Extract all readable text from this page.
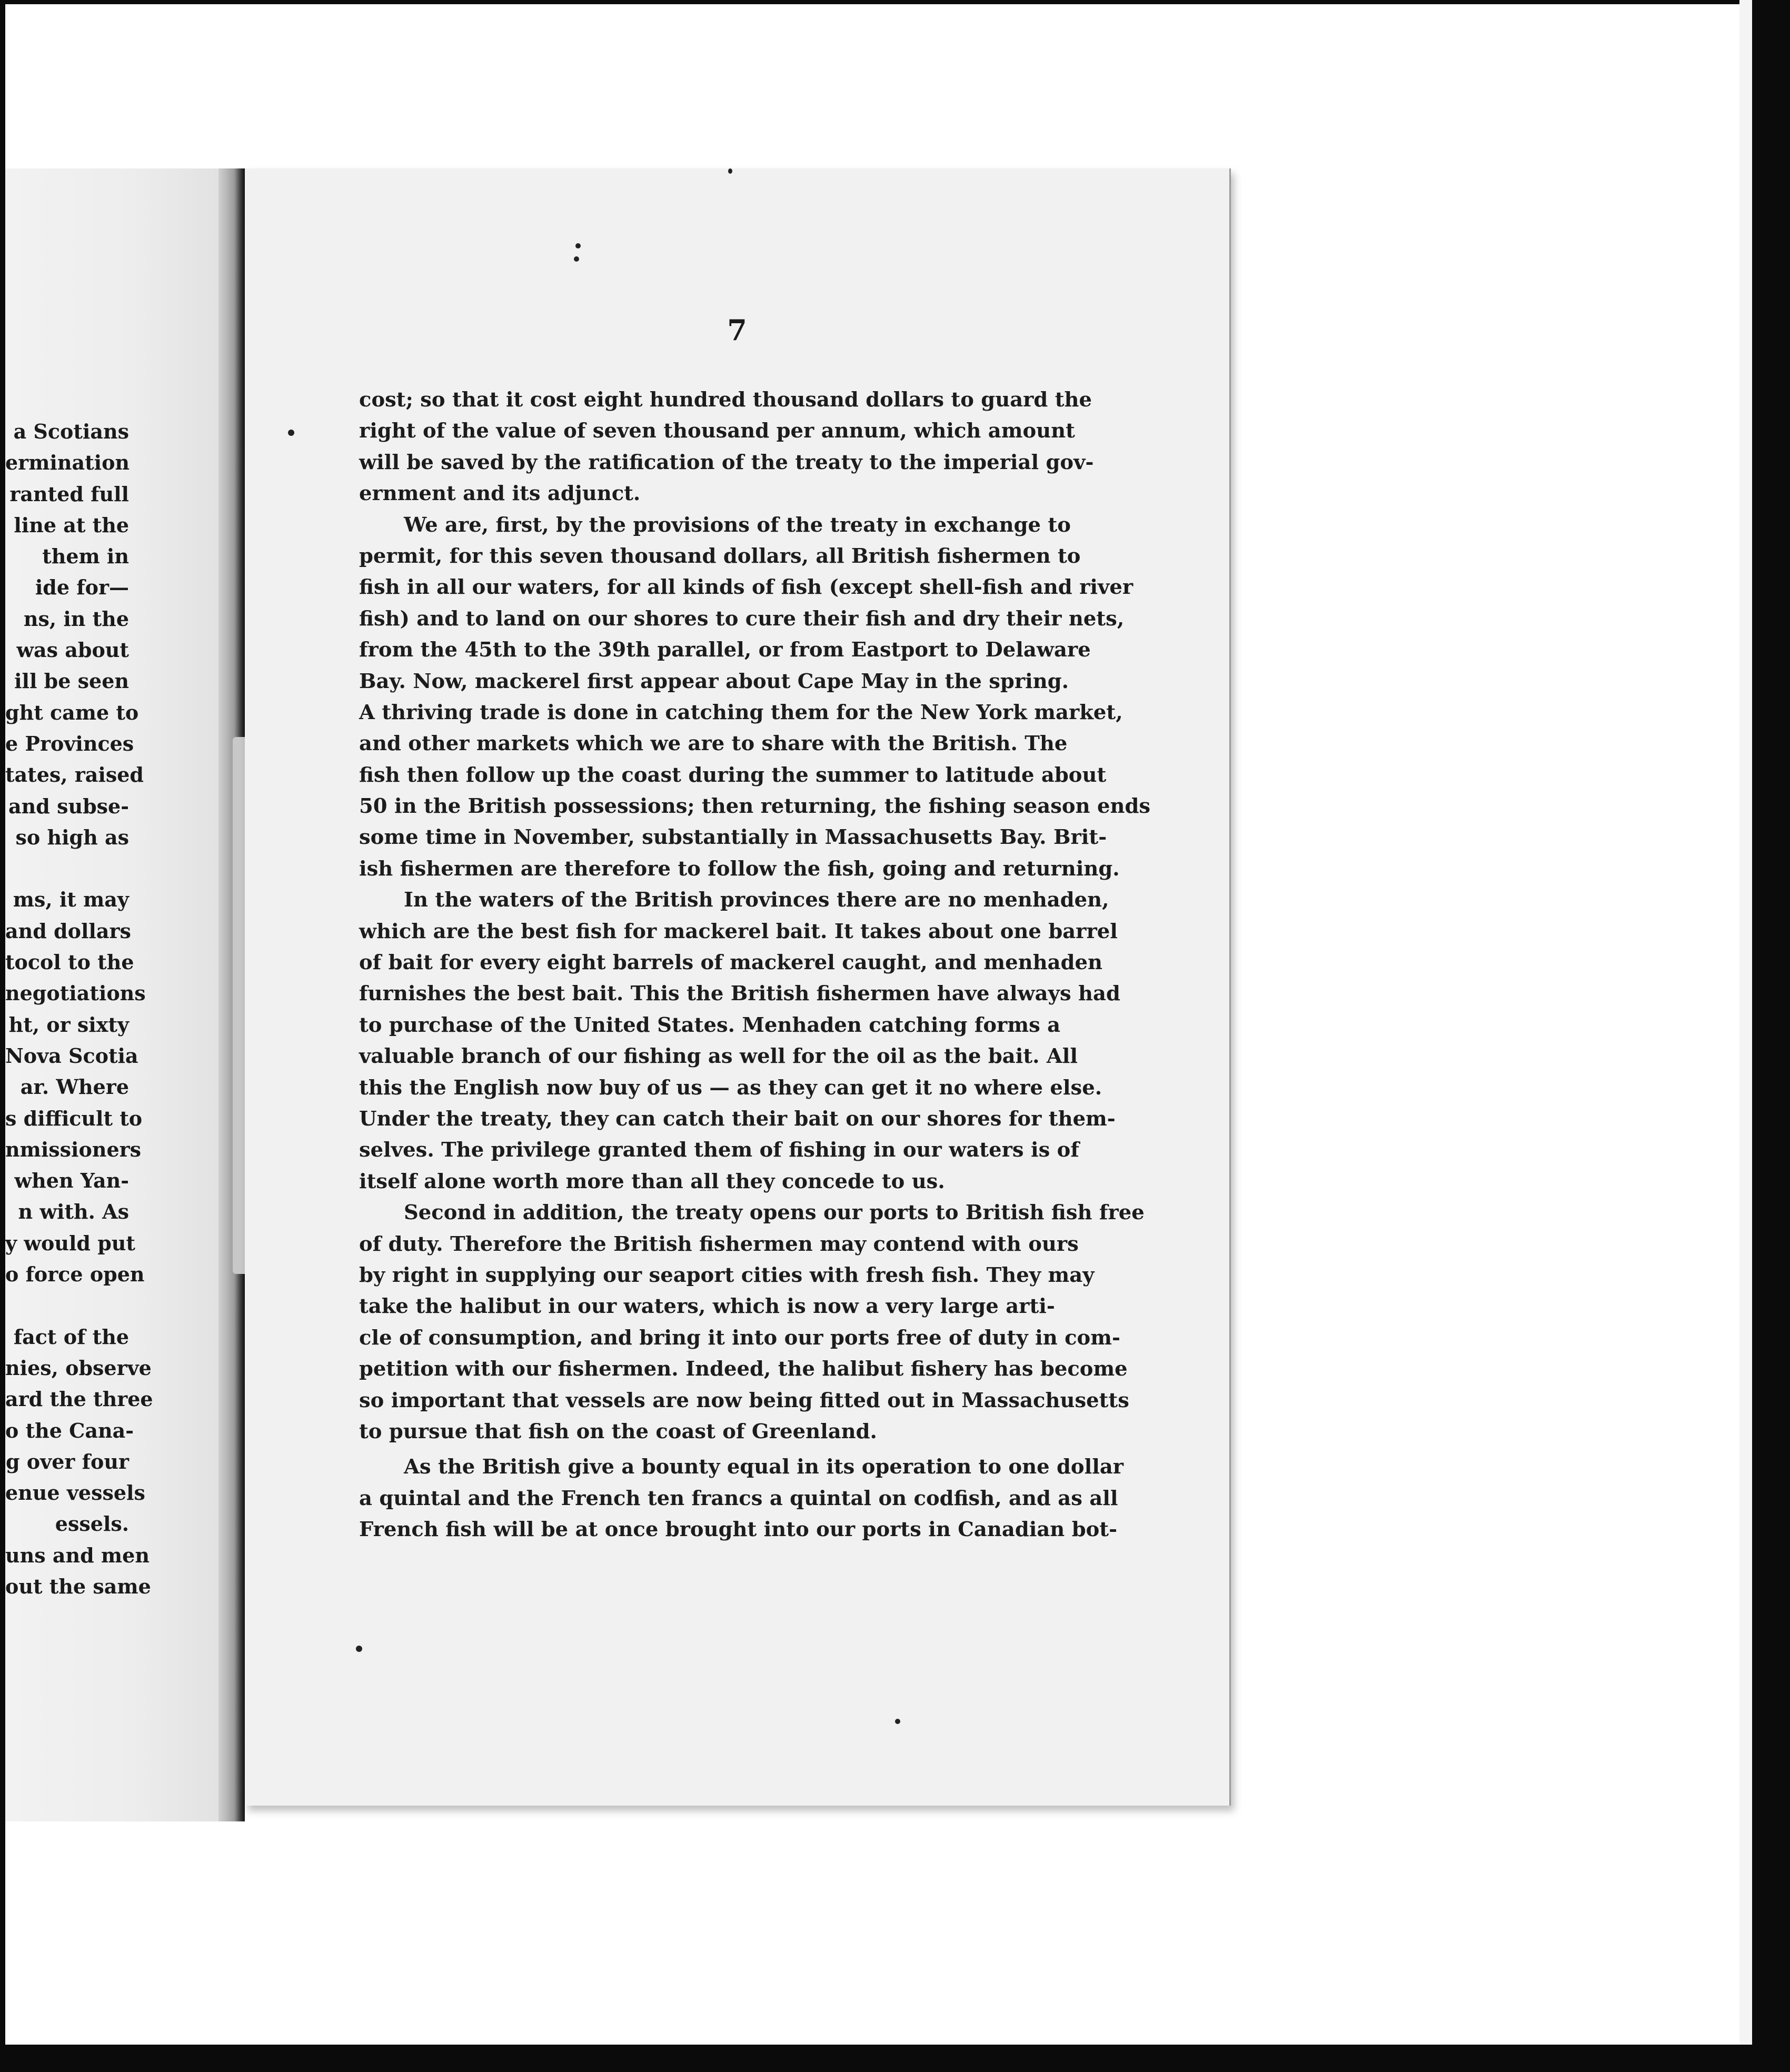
a Scotians
ermination
ranted full
line at the
them in
ide for—
ns, in the
was about
ill be seen
ght came to
e Provinces
tates, raised
and subse-
so high as
ms, it may
and dollars
tocol to the
negotiations
ht, or sixty
Nova Scotia
ar. Where
s difficult to
nmissioners
when Yan-
n with. As
y would put
o force open
fact of the
nies, observe
ard the three
o the Cana-
g over four
enue vessels
essels.
uns and men
out the same
7
cost; so that it cost eight hundred thousand dollars to guard the
right of the value of seven thousand per annum, which amount
will be saved by the ratification of the treaty to the imperial gov-
ernment and its adjunct.
We are, first, by the provisions of the treaty in exchange to
permit, for this seven thousand dollars, all British fishermen to
fish in all our waters, for all kinds of fish (except shell-fish and river
fish) and to land on our shores to cure their fish and dry their nets,
from the 45th to the 39th parallel, or from Eastport to Delaware
Bay. Now, mackerel first appear about Cape May in the spring.
A thriving trade is done in catching them for the New York market,
and other markets which we are to share with the British. The
fish then follow up the coast during the summer to latitude about
50 in the British possessions; then returning, the fishing season ends
some time in November, substantially in Massachusetts Bay. Brit-
ish fishermen are therefore to follow the fish, going and returning.
In the waters of the British provinces there are no menhaden,
which are the best fish for mackerel bait. It takes about one barrel
of bait for every eight barrels of mackerel caught, and menhaden
furnishes the best bait. This the British fishermen have always had
to purchase of the United States. Menhaden catching forms a
valuable branch of our fishing as well for the oil as the bait. All
this the English now buy of us — as they can get it no where else.
Under the treaty, they can catch their bait on our shores for them-
selves. The privilege granted them of fishing in our waters is of
itself alone worth more than all they concede to us.
Second in addition, the treaty opens our ports to British fish free
of duty. Therefore the British fishermen may contend with ours
by right in supplying our seaport cities with fresh fish. They may
take the halibut in our waters, which is now a very large arti-
cle of consumption, and bring it into our ports free of duty in com-
petition with our fishermen. Indeed, the halibut fishery has become
so important that vessels are now being fitted out in Massachusetts
to pursue that fish on the coast of Greenland.
As the British give a bounty equal in its operation to one dollar
a quintal and the French ten francs a quintal on codfish, and as all
French fish will be at once brought into our ports in Canadian bot-
